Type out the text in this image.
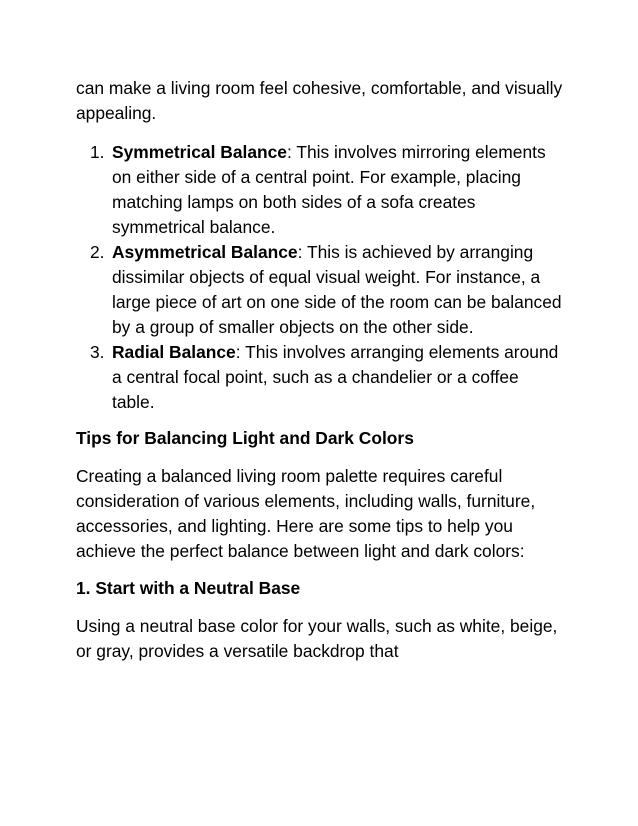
can make a living room feel cohesive, comfortable, and visually appealing.

1. Symmetrical Balance: This involves mirroring elements on either side of a central point. For example, placing matching lamps on both sides of a sofa creates symmetrical balance.
2. Asymmetrical Balance: This is achieved by arranging dissimilar objects of equal visual weight. For instance, a large piece of art on one side of the room can be balanced by a group of smaller objects on the other side.
3. Radial Balance: This involves arranging elements around a central focal point, such as a chandelier or a coffee table.
Tips for Balancing Light and Dark Colors

Creating a balanced living room palette requires careful consideration of various elements, including walls, furniture, accessories, and lighting. Here are some tips to help you achieve the perfect balance between light and dark colors:

1. Start with a Neutral Base

Using a neutral base color for your walls, such as white, beige, or gray, provides a versatile backdrop that
